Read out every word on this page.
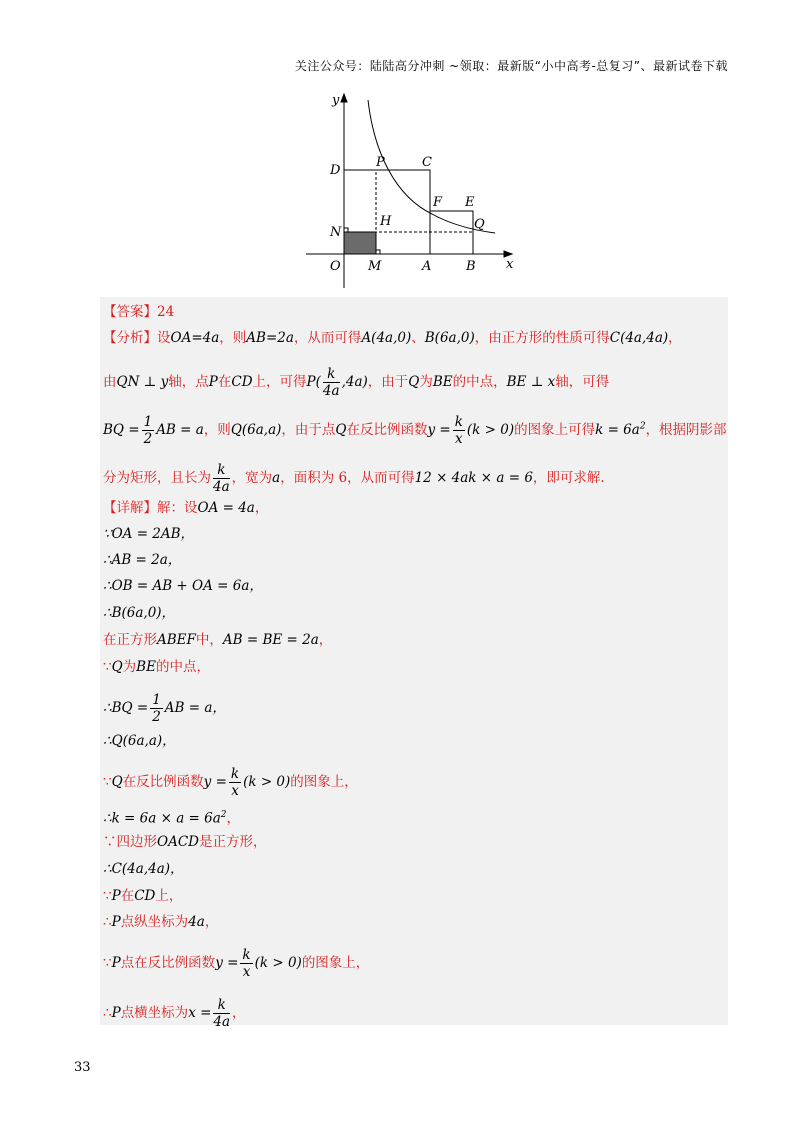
关注公众号：陆陆高分冲刺 ~领取：最新版“小中高考-总复习”、最新试卷下载
y
x
O
D
P	C
F E
N
H	Q
M	A	B
【答案】24
【分析】设OA=4a，则AB=2a，从而可得A(4a,0)、B(6a,0)，由正方形的性质可得C(4a,4a)，
由QN ⊥ y轴，点P在CD上，可得$P( \frac{k}{4a} ,4a)$，由于Q为BE的中点，BE ⊥ x轴，可得
BQ = $\frac{1}{2}$ AB = a，则Q(6a,a)，由于点Q在反比例函数$y = \frac{k}{x} (k > 0)$的图象上可得$k = 6a^2$，根据阴影部
分为矩形，且长为 $\frac{k}{4a}$ ，宽为a，面积为 6，从而可得12 × 4ak × a = 6，即可求解.
【详解】解：设OA = 4a，
∵OA = 2AB，
∴AB = 2a，
∴OB = AB + OA = 6a，
∴B(6a,0)，
在正方形ABEF中，AB = BE = 2a，
∵Q为BE的中点，
∴BQ = $\frac{1}{2}$ AB = a，
∴Q(6a,a)，
∵Q在反比例函数$y = \frac{k}{x} (k > 0)$的图象上，
∴k = $6a \times a = 6a^2$，
∵四边形OACD是正方形，
∴C(4a,4a)，
∵P在CD上，
∴P点纵坐标为4a，
∵P点在反比例函数$y = \frac{k}{x} (k > 0)$的图象上，
∴P点横坐标为$x = \frac{k}{4a}$ ，
33
